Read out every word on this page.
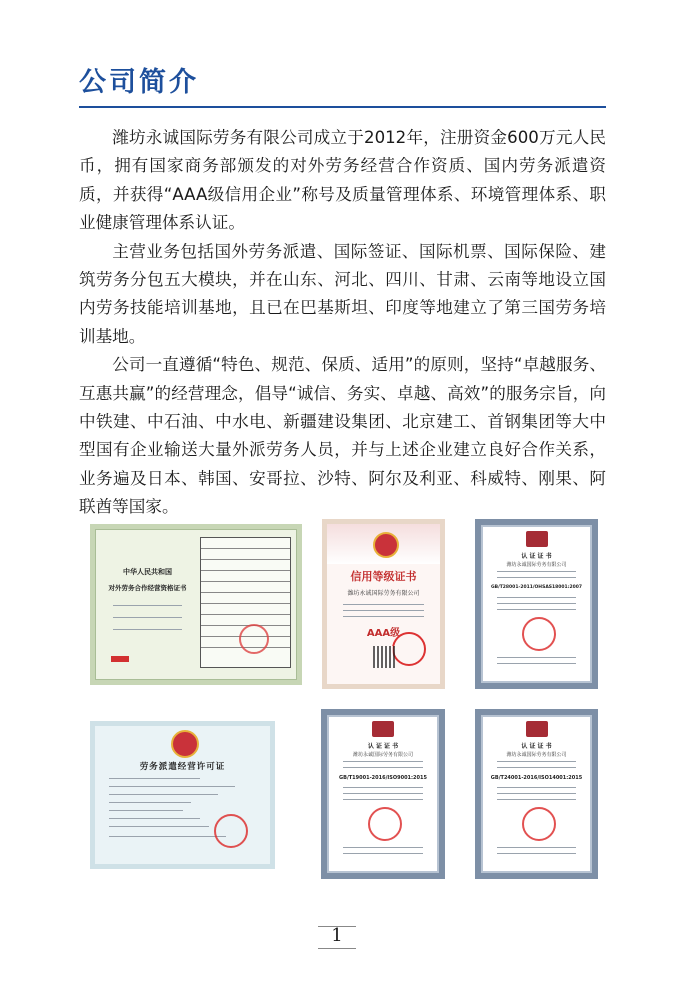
公司简介

潍坊永诚国际劳务有限公司成立于2012年，注册资金600万元人民币，拥有国家商务部颁发的对外劳务经营合作资质、国内劳务派遣资质，并获得“AAA级信用企业”称号及质量管理体系、环境管理体系、职业健康管理体系认证。

主营业务包括国外劳务派遣、国际签证、国际机票、国际保险、建筑劳务分包五大模块，并在山东、河北、四川、甘肃、云南等地设立国内劳务技能培训基地，且已在巴基斯坦、印度等地建立了第三国劳务培训基地。

公司一直遵循“特色、规范、保质、适用”的原则，坚持“卓越服务、互惠共赢”的经营理念，倡导“诚信、务实、卓越、高效”的服务宗旨，向中铁建、中石油、中水电、新疆建设集团、北京建工、首钢集团等大中型国有企业输送大量外派劳务人员，并与上述企业建立良好合作关系，业务遍及日本、韩国、安哥拉、沙特、阿尔及利亚、科威特、刚果、阿联酋等国家。

中华人民共和国
对外劳务合作经营资格证书
信用等级证书
潍坊永诚国际劳务有限公司
AAA级
认 证 证 书
潍坊永诚国际劳务有限公司
GB/T28001-2011/OHSAS18001:2007
劳务派遣经营许可证
认 证 证 书
潍坊永诚国际劳务有限公司
GB/T19001-2016/ISO9001:2015
认 证 证 书
潍坊永诚国际劳务有限公司
GB/T24001-2016/ISO14001:2015
1
